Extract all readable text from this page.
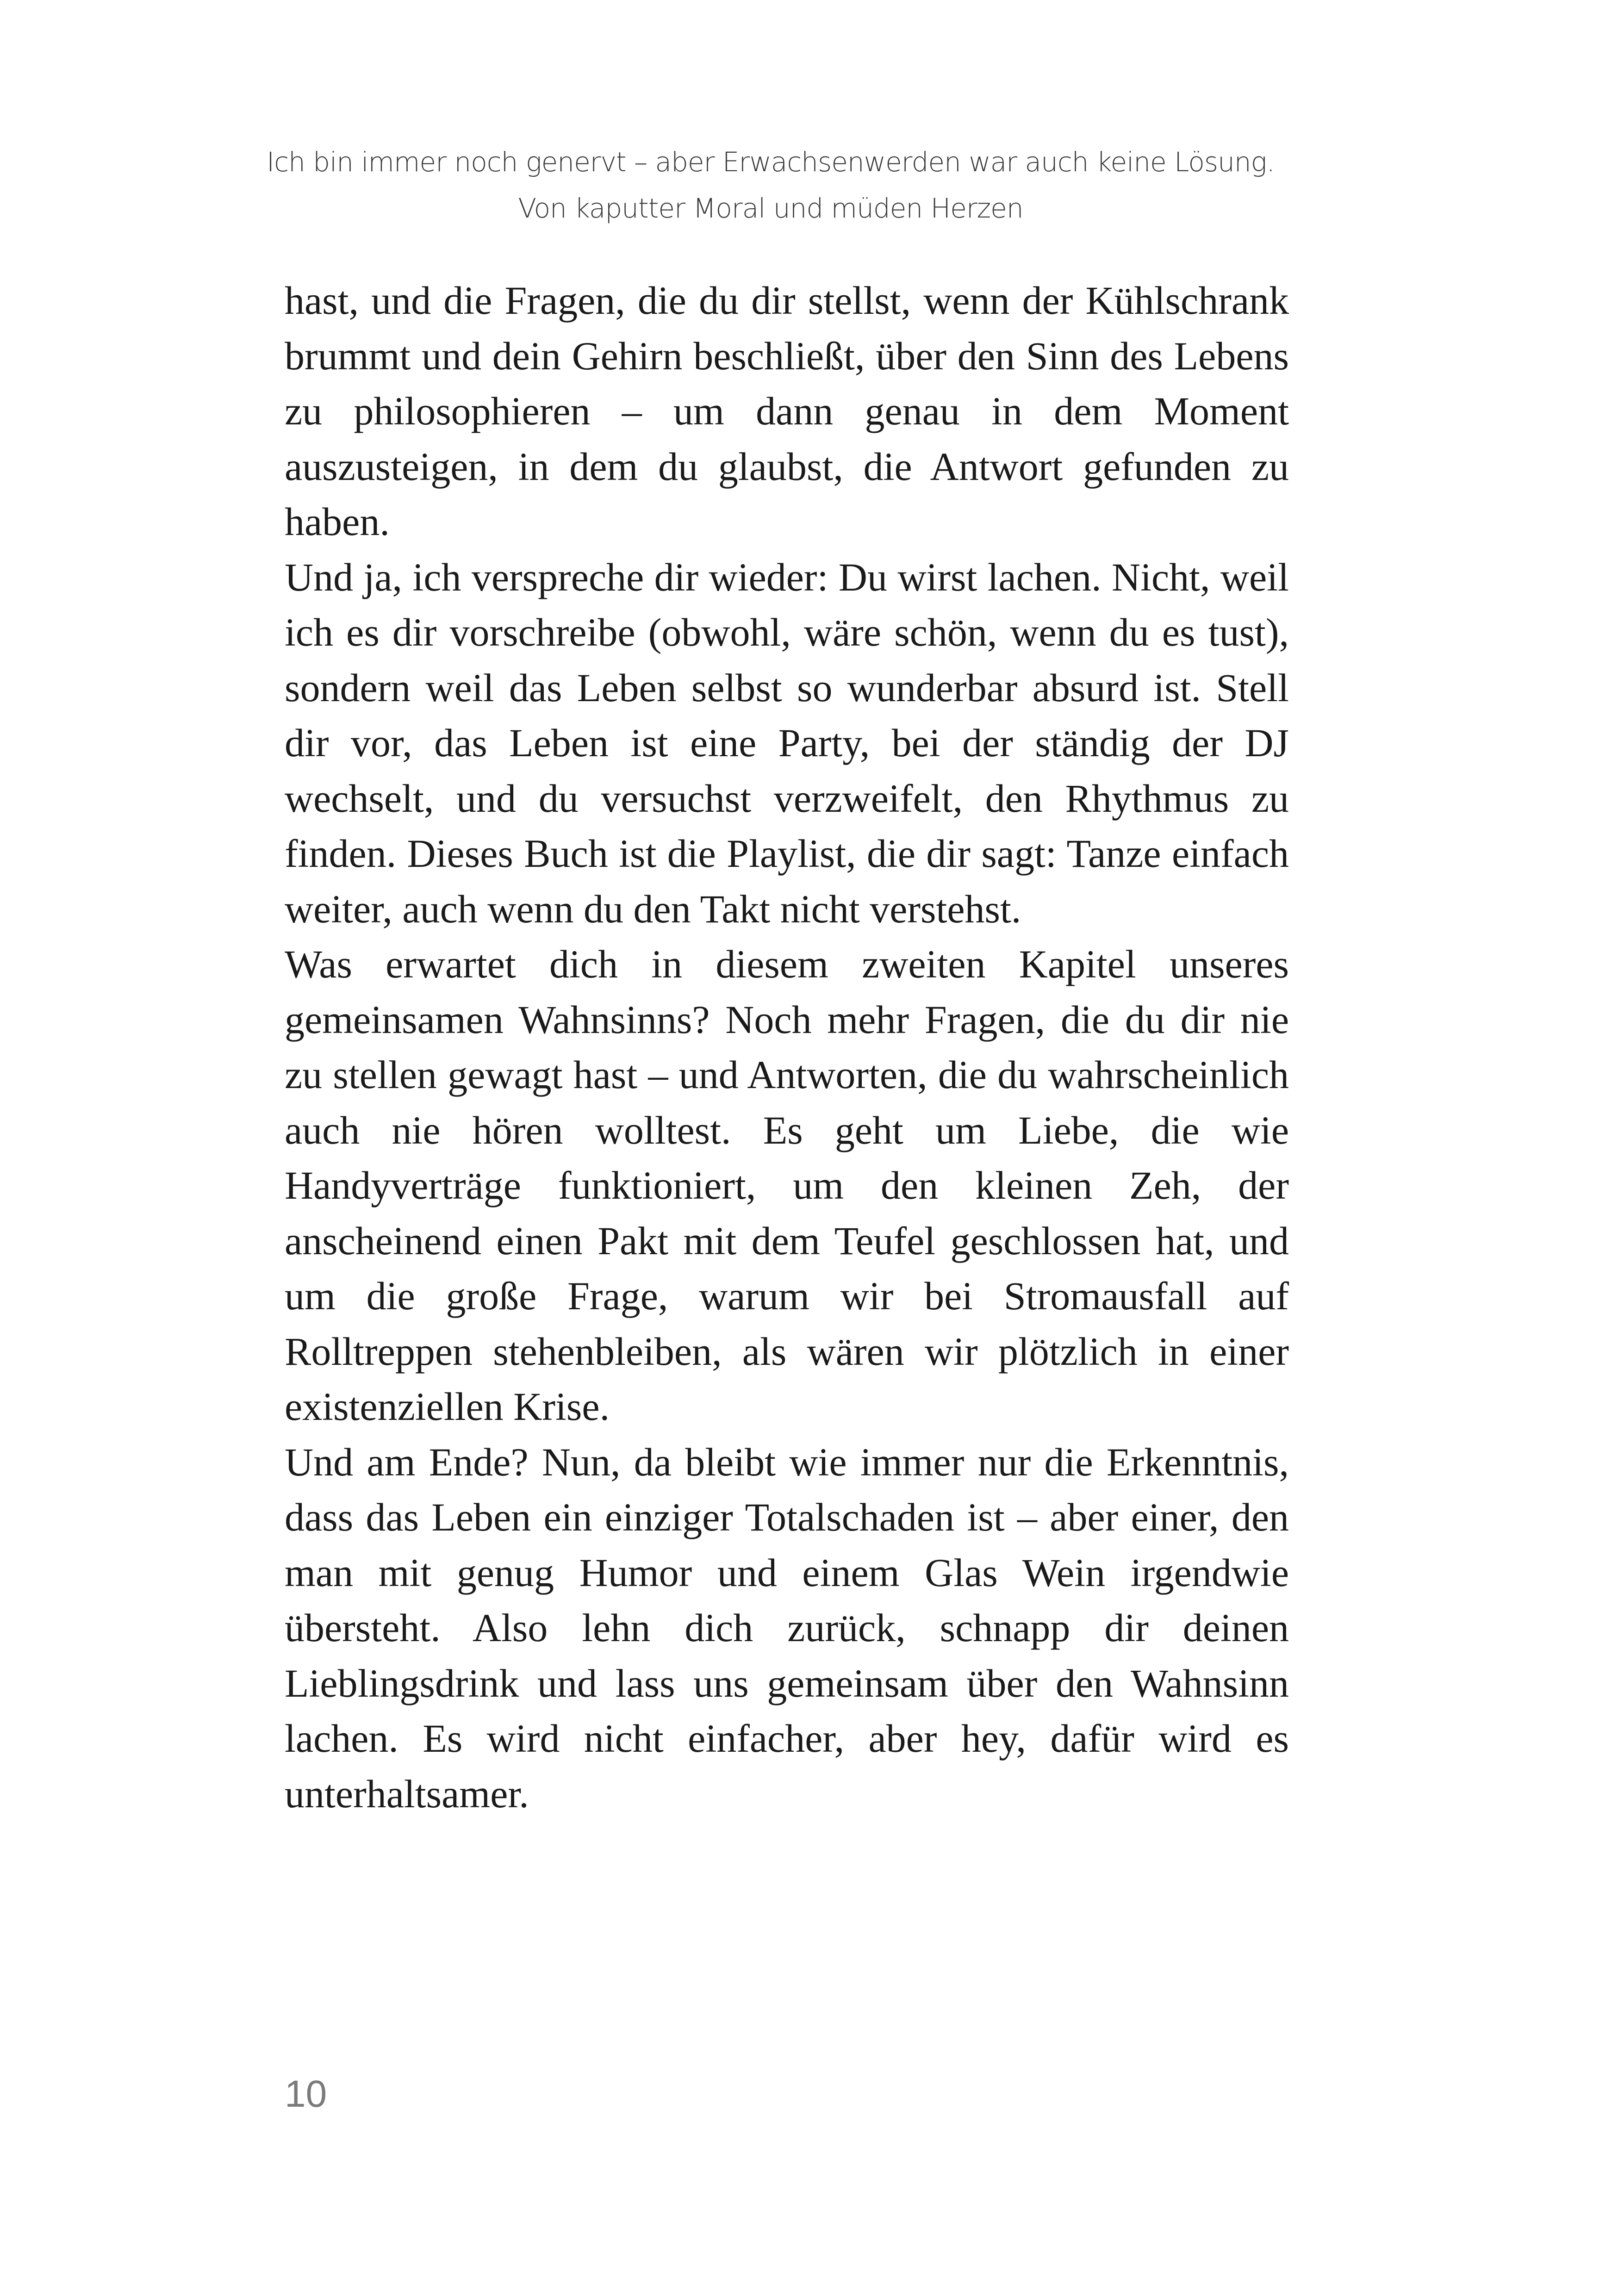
Ich bin immer noch genervt – aber Erwachsenwerden war auch keine Lösung.
Von kaputter Moral und müden Herzen

hast, und die Fragen, die du dir stellst, wenn der Kühlschrank brummt und dein Gehirn beschließt, über den Sinn des Lebens zu philosophieren – um dann genau in dem Moment auszusteigen, in dem du glaubst, die Antwort gefunden zu haben.

Und ja, ich verspreche dir wieder: Du wirst lachen. Nicht, weil ich es dir vorschreibe (obwohl, wäre schön, wenn du es tust), sondern weil das Leben selbst so wunderbar absurd ist. Stell dir vor, das Leben ist eine Party, bei der ständig der DJ wechselt, und du versuchst verzweifelt, den Rhythmus zu finden. Dieses Buch ist die Playlist, die dir sagt: Tanze einfach weiter, auch wenn du den Takt nicht verstehst.

Was erwartet dich in diesem zweiten Kapitel unseres gemeinsamen Wahnsinns? Noch mehr Fragen, die du dir nie zu stellen gewagt hast – und Antworten, die du wahrscheinlich auch nie hören wolltest. Es geht um Liebe, die wie Handyverträge funktioniert, um den kleinen Zeh, der anscheinend einen Pakt mit dem Teufel geschlossen hat, und um die große Frage, warum wir bei Stromausfall auf Rolltreppen stehenbleiben, als wären wir plötzlich in einer existenziellen Krise.

Und am Ende? Nun, da bleibt wie immer nur die Erkenntnis, dass das Leben ein einziger Totalschaden ist – aber einer, den man mit genug Humor und einem Glas Wein irgendwie übersteht. Also lehn dich zurück, schnapp dir deinen Lieblingsdrink und lass uns gemeinsam über den Wahnsinn lachen. Es wird nicht einfacher, aber hey, dafür wird es unterhaltsamer.

10
